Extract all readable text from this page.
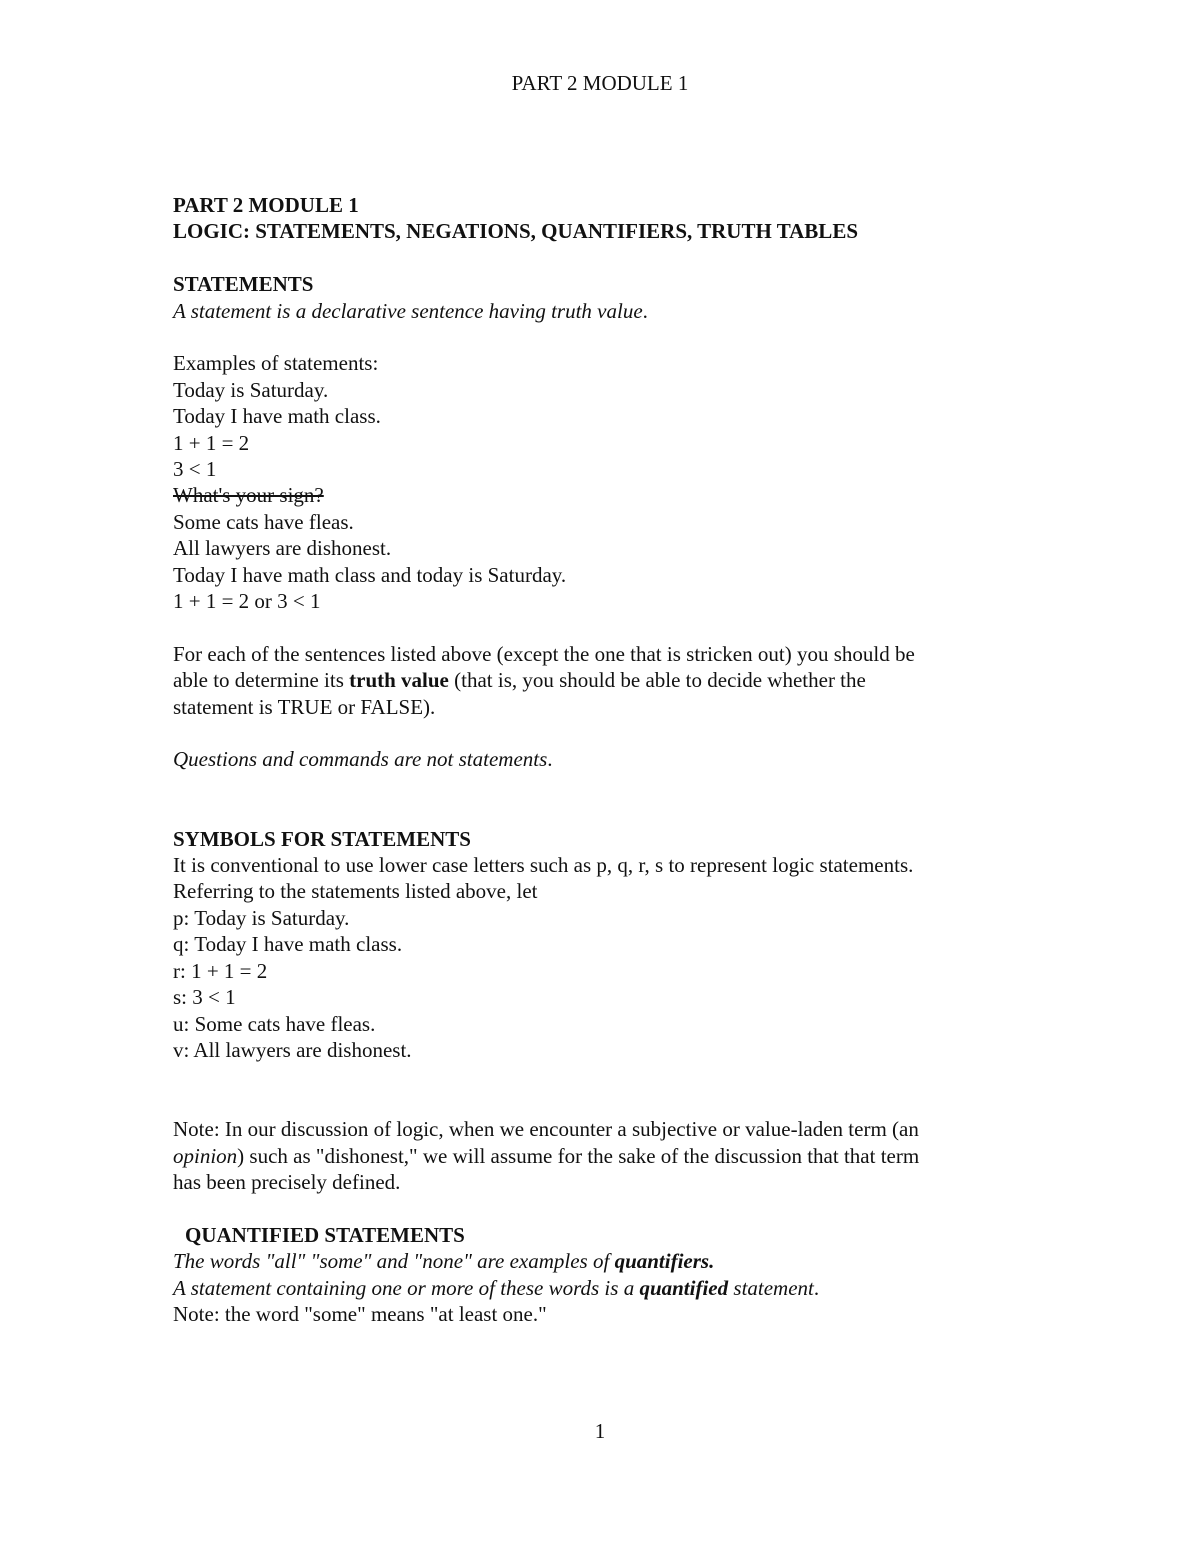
PART 2 MODULE 1
PART 2 MODULE 1
LOGIC: STATEMENTS, NEGATIONS, QUANTIFIERS, TRUTH TABLES
STATEMENTS
A statement is a declarative sentence having truth value.
Examples of statements:
Today is Saturday.
Today I have math class.
1 + 1 = 2
3 < 1
What's your sign?
Some cats have fleas.
All lawyers are dishonest.
Today I have math class and today is Saturday.
1 + 1 = 2 or 3 < 1
For each of the sentences listed above (except the one that is stricken out) you should be
able to determine its truth value (that is, you should be able to decide whether the
statement is TRUE or FALSE).
Questions and commands are not statements.
SYMBOLS FOR STATEMENTS
It is conventional to use lower case letters such as p, q, r, s to represent logic statements.
Referring to the statements listed above, let
p: Today is Saturday.
q: Today I have math class.
r: 1 + 1 = 2
s: 3 < 1
u: Some cats have fleas.
v: All lawyers are dishonest.
Note: In our discussion of logic, when we encounter a subjective or value-laden term (an
opinion) such as "dishonest," we will assume for the sake of the discussion that that term
has been precisely defined.
QUANTIFIED STATEMENTS
The words "all" "some" and "none" are examples of quantifiers.
A statement containing one or more of these words is a quantified statement.
Note: the word "some" means "at least one."
1
